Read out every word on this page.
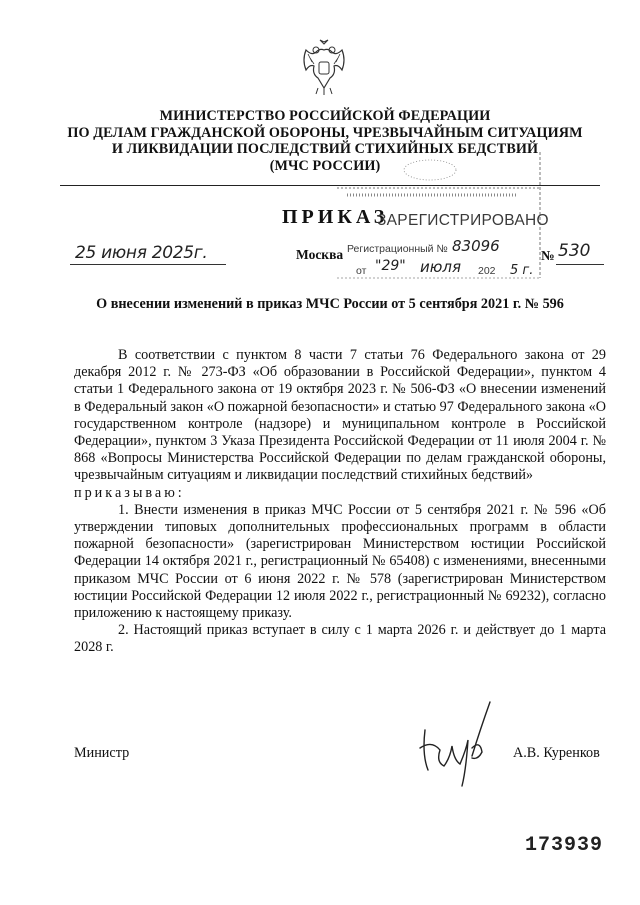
МИНИСТЕРСТВО РОССИЙСКОЙ ФЕДЕРАЦИИ
ПО ДЕЛАМ ГРАЖДАНСКОЙ ОБОРОНЫ, ЧРЕЗВЫЧАЙНЫМ СИТУАЦИЯМ
И ЛИКВИДАЦИИ ПОСЛЕДСТВИЙ СТИХИЙНЫХ БЕДСТВИЙ
(МЧС РОССИИ)
ПРИКАЗ
ЗАРЕГИСТРИРОВАНО
25 июня 2025г.	Москва Регистрационный № 83096
№ 530
от "29" июля 202 5 г.
О внесении изменений в приказ МЧС России от 5 сентября 2021 г. № 596

В соответствии с пунктом 8 части 7 статьи 76 Федерального закона от 29 декабря 2012 г. № 273-ФЗ «Об образовании в Российской Федерации», пунктом 4 статьи 1 Федерального закона от 19 октября 2023 г. № 506-ФЗ «О внесении изменений в Федеральный закон «О пожарной безопасности» и статью 97 Федерального закона «О государственном контроле (надзоре) и муниципальном контроле в Российской Федерации», пунктом 3 Указа Президента Российской Федерации от 11 июля 2004 г. № 868 «Вопросы Министерства Российской Федерации по делам гражданской обороны, чрезвычайным ситуациям и ликвидации последствий стихийных бедствий»

приказываю:

1. Внести изменения в приказ МЧС России от 5 сентября 2021 г. № 596 «Об утверждении типовых дополнительных профессиональных программ в области пожарной безопасности» (зарегистрирован Министерством юстиции Российской Федерации 14 октября 2021 г., регистрационный № 65408) с изменениями, внесенными приказом МЧС России от 6 июня 2022 г. № 578 (зарегистрирован Министерством юстиции Российской Федерации 12 июля 2022 г., регистрационный № 69232), согласно приложению к настоящему приказу.

2. Настоящий приказ вступает в силу с 1 марта 2026 г. и действует до 1 марта 2028 г.

Министр	А.В. Куренков
173939
